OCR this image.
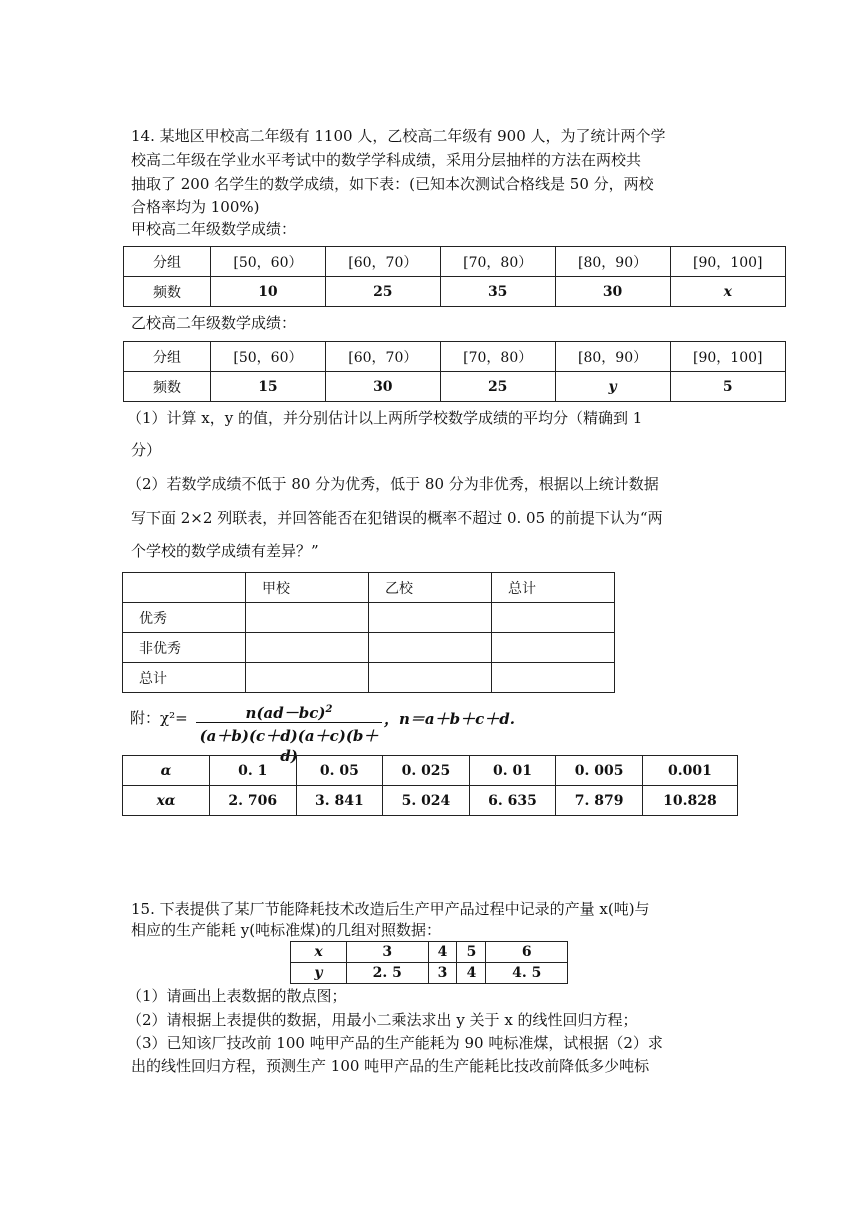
14. 某地区甲校高二年级有 1100 人，乙校高二年级有 900 人，为了统计两个学
校高二年级在学业水平考试中的数学学科成绩，采用分层抽样的方法在两校共
抽取了 200 名学生的数学成绩，如下表：(已知本次测试合格线是 50 分，两校
合格率均为 100%)
甲校高二年级数学成绩：
分组	[50，60）	[60，70）	[70，80）	[80，90）	[90，100]
频数	10	25	35	30	x
乙校高二年级数学成绩：
分组	[50，60）	[60，70）	[70，80）	[80，90）	[90，100]
频数	15	30	25	y	5
（1）计算 x，y 的值，并分别估计以上两所学校数学成绩的平均分（精确到 1
分）
（2）若数学成绩不低于 80 分为优秀，低于 80 分为非优秀，根据以上统计数据
写下面 2×2 列联表，并回答能否在犯错误的概率不超过 0. 05 的前提下认为“两
个学校的数学成绩有差异？”
	甲校	乙校	总计
优秀			
非优秀			
总计			
附：χ²=	$n(ad-bc)^2$
(a＋b)(c＋d)(a＋c)(b＋d)
，n＝a＋b＋c＋d.
α	0. 1	0. 05	0. 025	0. 01	0. 005	0.001
xα	2. 706	3. 841	5. 024	6. 635	7. 879	10.828
15. 下表提供了某厂节能降耗技术改造后生产甲产品过程中记录的产量 x(吨)与
相应的生产能耗 y(吨标准煤)的几组对照数据：
x	3	4	5	6
y	2. 5	3	4	4. 5
（1）请画出上表数据的散点图；
（2）请根据上表提供的数据，用最小二乘法求出 y 关于 x 的线性回归方程；
（3）已知该厂技改前 100 吨甲产品的生产能耗为 90 吨标准煤，试根据（2）求
出的线性回归方程，预测生产 100 吨甲产品的生产能耗比技改前降低多少吨标
